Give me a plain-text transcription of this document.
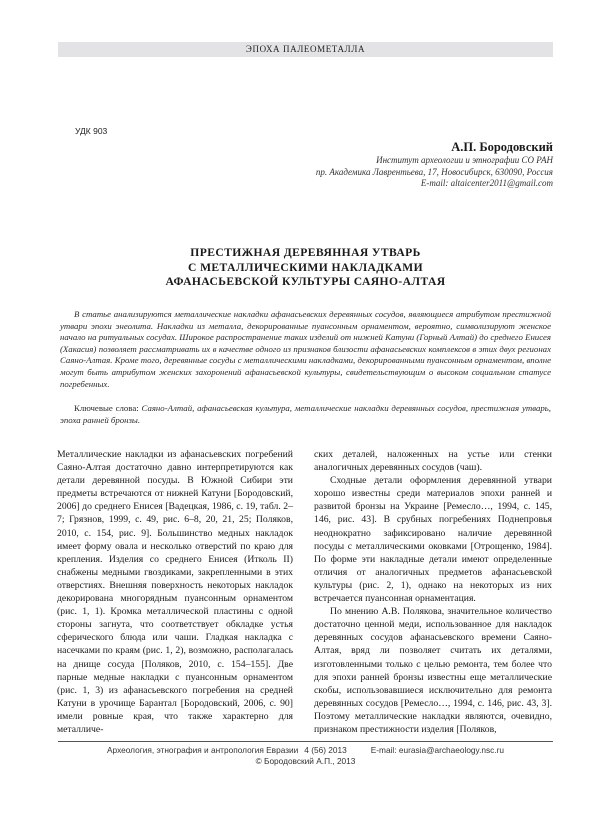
ЭПОХА ПАЛЕОМЕТАЛЛА
УДК 903
А.П. Бородовский
Институт археологии и этнографии СО РАН
пр. Академика Лаврентьева, 17, Новосибирск, 630090, Россия
E-mail: altaicenter2011@gmail.com
ПРЕСТИЖНАЯ ДЕРЕВЯННАЯ УТВАРЬ
С МЕТАЛЛИЧЕСКИМИ НАКЛАДКАМИ
АФАНАСЬЕВСКОЙ КУЛЬТУРЫ САЯНО-АЛТАЯ
В статье анализируются металлические накладки афанасьевских деревянных сосудов, являющиеся атрибутом престижной утвари эпохи энеолита. Накладки из металла, декорированные пуансонным орнаментом, вероятно, символизируют женское начало на ритуальных сосудах. Широкое распространение таких изделий от нижней Катуни (Горный Алтай) до среднего Енисея (Хакасия) позволяет рассматривать их в качестве одного из признаков близости афанасьевских комплексов в этих двух регионах Саяно-Алтая. Кроме того, деревянные сосуды с металлическими накладками, декорированными пуансонным орнаментом, вполне могут быть атрибутом женских захоронений афанасьевской культуры, свидетельствующим о высоком социальном статусе погребенных.
Ключевые слова: Саяно-Алтай, афанасьевская культура, металлические накладки деревянных сосудов, престижная утварь, эпоха ранней бронзы.

Металлические накладки из афанасьевских погребений Саяно-Алтая достаточно давно интерпретируются как детали деревянной посуды. В Южной Сибири эти предметы встречаются от нижней Катуни [Бородовский, 2006] до среднего Енисея [Вадецкая, 1986, с. 19, табл. 2–7; Грязнов, 1999, с. 49, рис. 6–8, 20, 21, 25; Поляков, 2010, с. 154, рис. 9]. Большинство медных накладок имеет форму овала и несколько отверстий по краю для крепления. Изделия со среднего Енисея (Итколь II) снабжены медными гвоздиками, закрепленными в этих отверстиях. Внешняя поверхность некоторых накладок декорирована многорядным пуансонным орнаментом (рис. 1, 1). Кромка металлической пластины с одной стороны загнута, что соответствует обкладке устья сферического блюда или чаши. Гладкая накладка с насечками по краям (рис. 1, 2), возможно, располагалась на днище сосуда [Поляков, 2010, с. 154–155]. Две парные медные накладки с пуансонным орнаментом (рис. 1, 3) из афанасьевского погребения на средней Катуни в урочище Барантал [Бородовский, 2006, с. 90] имели ровные края, что также характерно для металличе-

ских деталей, наложенных на устье или стенки аналогичных деревянных сосудов (чаш).

Сходные детали оформления деревянной утвари хорошо известны среди материалов эпохи ранней и развитой бронзы на Украине [Ремесло…, 1994, с. 145, 146, рис. 43]. В срубных погребениях Поднепровья неоднократно зафиксировано наличие деревянной посуды с металлическими оковками [Отрощенко, 1984]. По форме эти накладные детали имеют определенные отличия от аналогичных предметов афанасьевской культуры (рис. 2, 1), однако на некоторых из них встречается пуансонная орнаментация.

По мнению А.В. Полякова, значительное количество достаточно ценной меди, использованное для накладок деревянных сосудов афанасьевского времени Саяно-Алтая, вряд ли позволяет считать их деталями, изготовленными только с целью ремонта, тем более что для эпохи ранней бронзы известны еще металлические скобы, использовавшиеся исключительно для ремонта деревянных сосудов [Ремесло…, 1994, с. 146, рис. 43, 3]. Поэтому металлические накладки являются, очевидно, признаком престижности изделия [Поляков,

Археология, этнография и антропология Евразии 4 (56) 2013	E-mail: eurasia@archaeology.nsc.ru
© Бородовский А.П., 2013
